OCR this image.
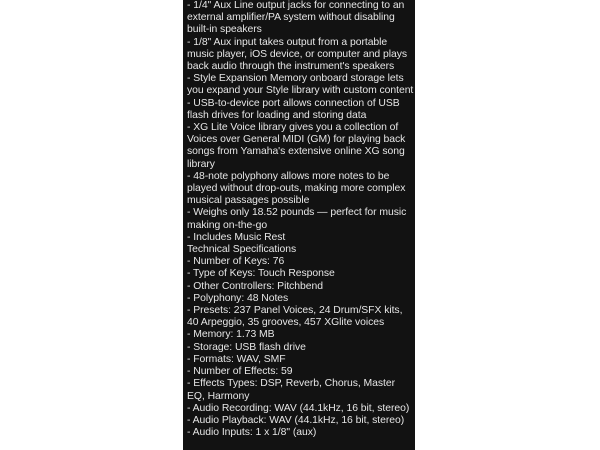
- 1/4" Aux Line output jacks for connecting to an external amplifier/PA system without disabling built-in speakers
- 1/8" Aux input takes output from a portable music player, iOS device, or computer and plays back audio through the instrument's speakers
- Style Expansion Memory onboard storage lets you expand your Style library with custom content
- USB-to-device port allows connection of USB flash drives for loading and storing data
- XG Lite Voice library gives you a collection of Voices over General MIDI (GM) for playing back songs from Yamaha's extensive online XG song library
- 48-note polyphony allows more notes to be played without drop-outs, making more complex musical passages possible
- Weighs only 18.52 pounds — perfect for music making on-the-go
- Includes Music Rest
Technical Specifications
- Number of Keys: 76
- Type of Keys: Touch Response
- Other Controllers: Pitchbend
- Polyphony: 48 Notes
- Presets: 237 Panel Voices, 24 Drum/SFX kits, 40 Arpeggio, 35 grooves, 457 XGlite voices
- Memory: 1.73 MB
- Storage: USB flash drive
- Formats: WAV, SMF
- Number of Effects: 59
- Effects Types: DSP, Reverb, Chorus, Master EQ, Harmony
- Audio Recording: WAV (44.1kHz, 16 bit, stereo)
- Audio Playback: WAV (44.1kHz, 16 bit, stereo)
- Audio Inputs: 1 x 1/8" (aux)
